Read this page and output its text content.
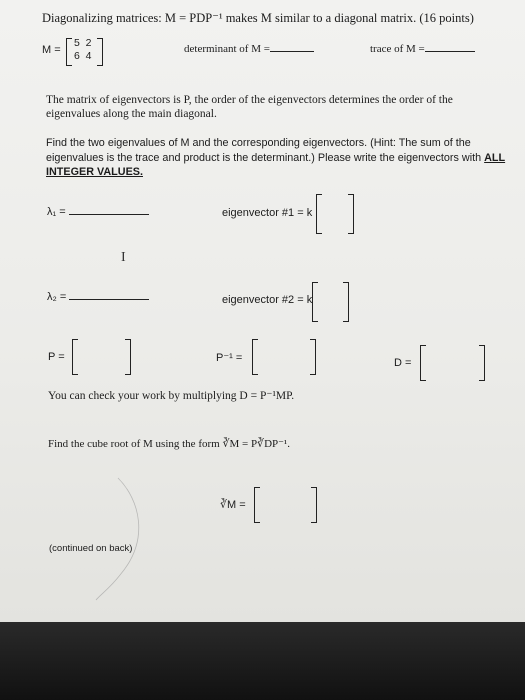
Diagonalizing matrices: M = PDP⁻¹ makes M similar to a diagonal matrix. (16 points)
M =
5  2
6  4
determinant of M =	trace of M =
The matrix of eigenvectors is P, the order of the eigenvectors determines the order of the eigenvalues along the main diagonal.
Find the two eigenvalues of M and the corresponding eigenvectors. (Hint: The sum of the eigenvalues is the trace and product is the determinant.) Please write the eigenvectors with ALL INTEGER VALUES.
λ₁ =	eigenvector #1 = k
I
λ₂ =	eigenvector #2 = k
P =	P⁻¹ =	D =
You can check your work by multiplying D = P⁻¹MP.
Find the cube root of M using the form ∛M = P∛DP⁻¹.
∛M =
(continued on back)
